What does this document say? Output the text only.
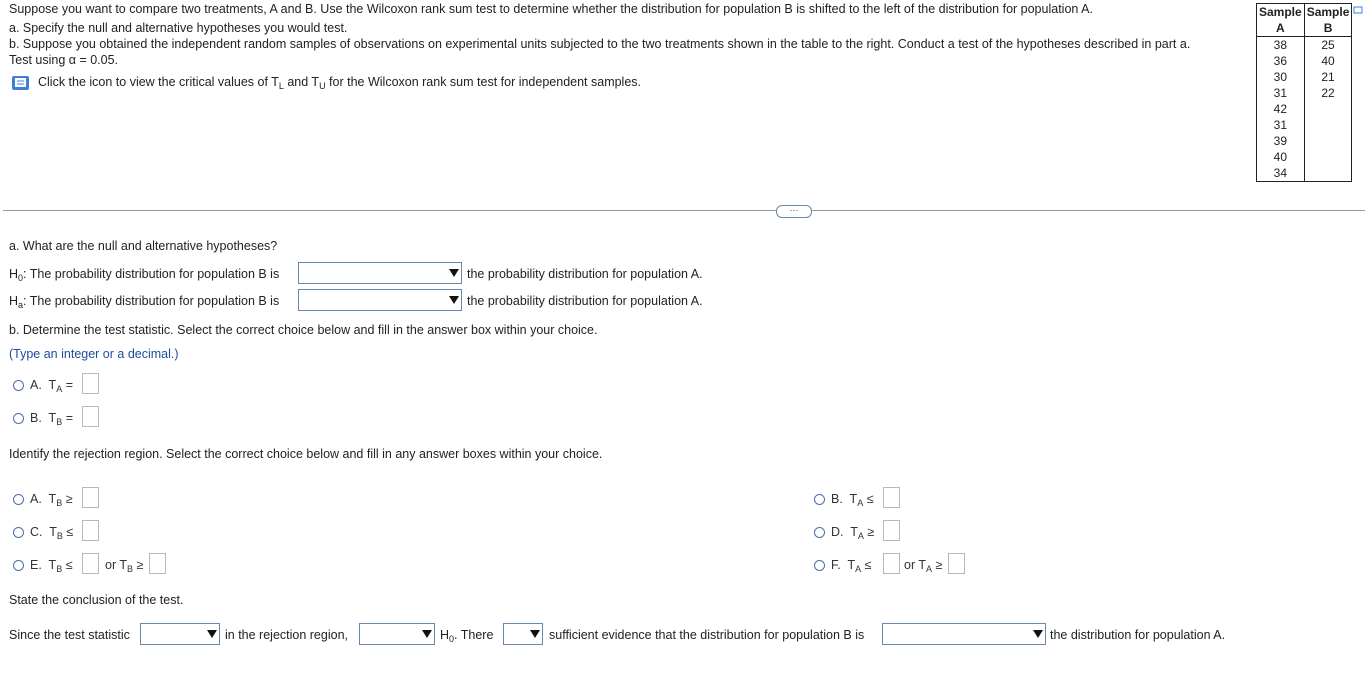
Suppose you want to compare two treatments, A and B. Use the Wilcoxon rank sum test to determine whether the distribution for population B is shifted to the left of the distribution for population A.
a. Specify the null and alternative hypotheses you would test.
b. Suppose you obtained the independent random samples of observations on experimental units subjected to the two treatments shown in the table to the right. Conduct a test of the hypotheses described in part a.
Test using α = 0.05.
Click the icon to view the critical values of $T_L$ and $T_U$ for the Wilcoxon rank sum test for independent samples.
Sample	Sample
A	B
38	25
36	40
30	21
31	22
42	
31	
39	
40	
34	
···
a. What are the null and alternative hypotheses?
$H_0$: The probability distribution for population B is	the probability distribution for population A.
$H_a$: The probability distribution for population B is	the probability distribution for population A.
b. Determine the test statistic. Select the correct choice below and fill in the answer box within your choice.
(Type an integer or a decimal.)
A. $T_A$ =
B. $T_B$ =
Identify the rejection region. Select the correct choice below and fill in any answer boxes within your choice.
A. $T_B$ ≥	B. $T_A$ ≤
C. $T_B$ ≤	D. $T_A$ ≥
E. $T_B$ ≤	or $T_B$ ≥	F. $T_A$ ≤	or $T_A$ ≥
State the conclusion of the test.
Since the test statistic	in the rejection region,	$H_0$. There	sufficient evidence that the distribution for population B is	the distribution for population A.
